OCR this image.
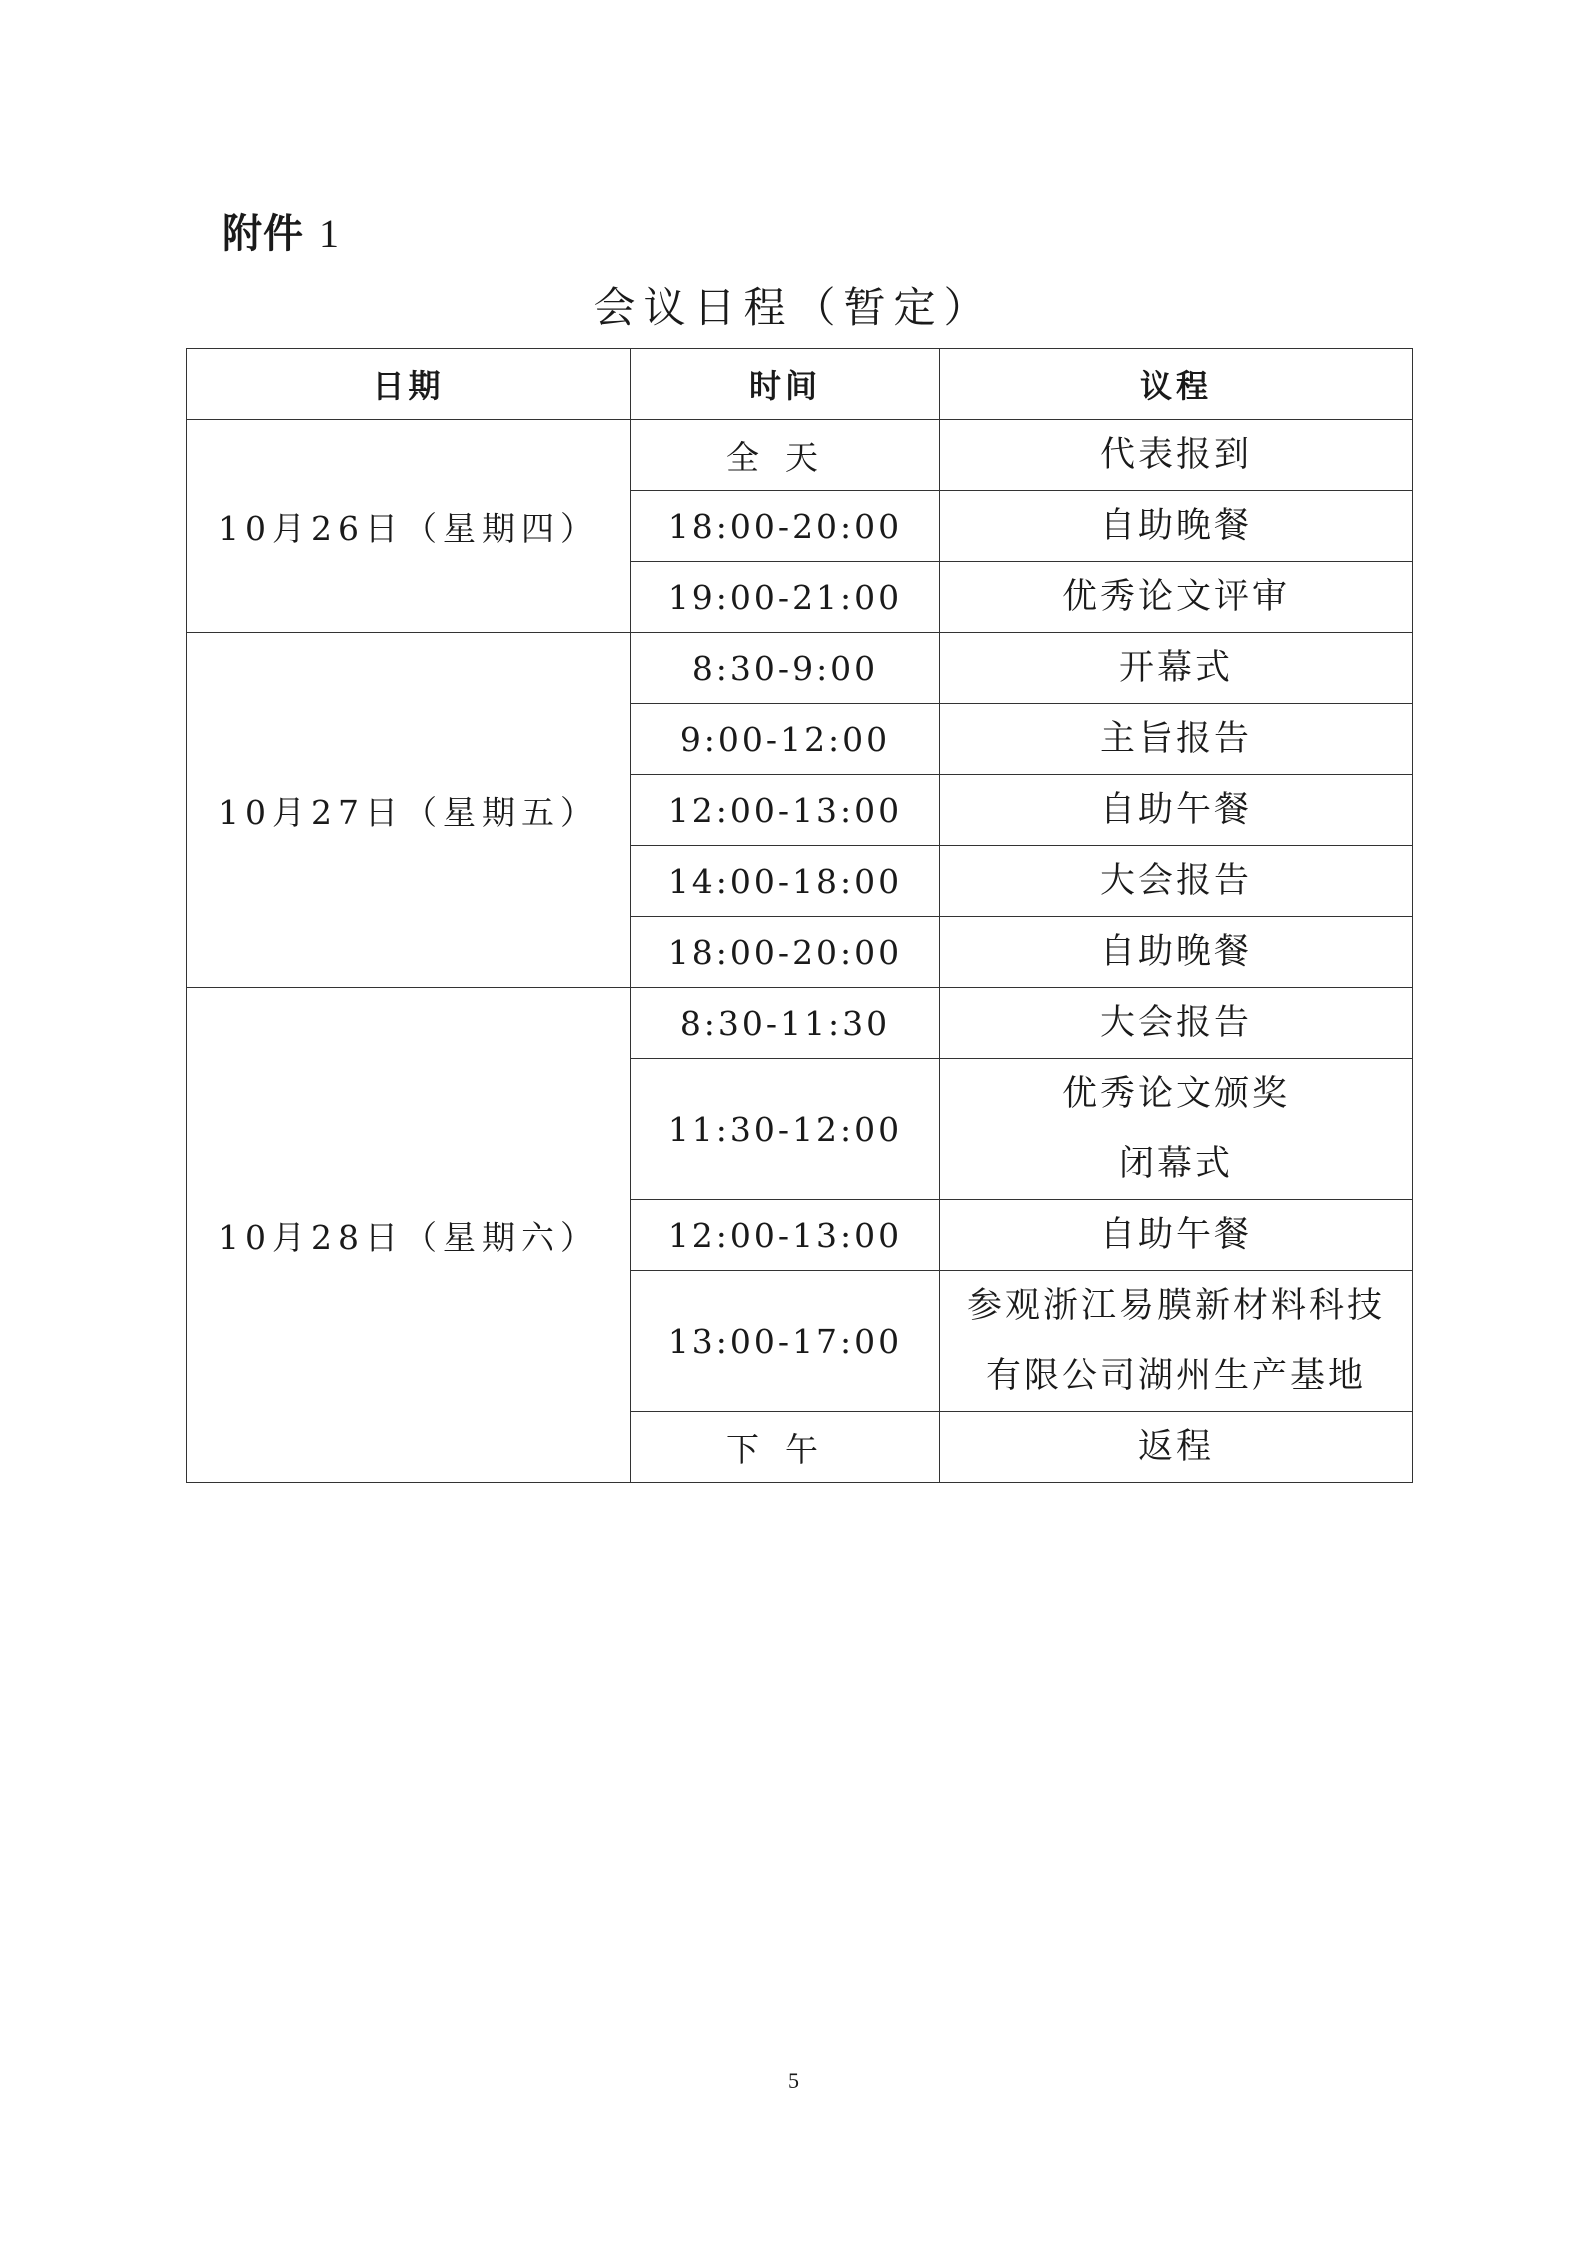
附件 1
会议日程（暂定）
日期	时间	议程
10月26日（星期四）	全天	代表报到
	18:00-20:00	自助晚餐
	19:00-21:00	优秀论文评审
10月27日（星期五）	8:30-9:00	开幕式
	9:00-12:00	主旨报告
	12:00-13:00	自助午餐
	14:00-18:00	大会报告
	18:00-20:00	自助晚餐
10月28日（星期六）	8:30-11:30	大会报告
	11:30-12:00	优秀论文颁奖
闭幕式

	12:00-13:00	自助午餐
	13:00-17:00	参观浙江易膜新材料科技
有限公司湖州生产基地

	下午	返程
5
